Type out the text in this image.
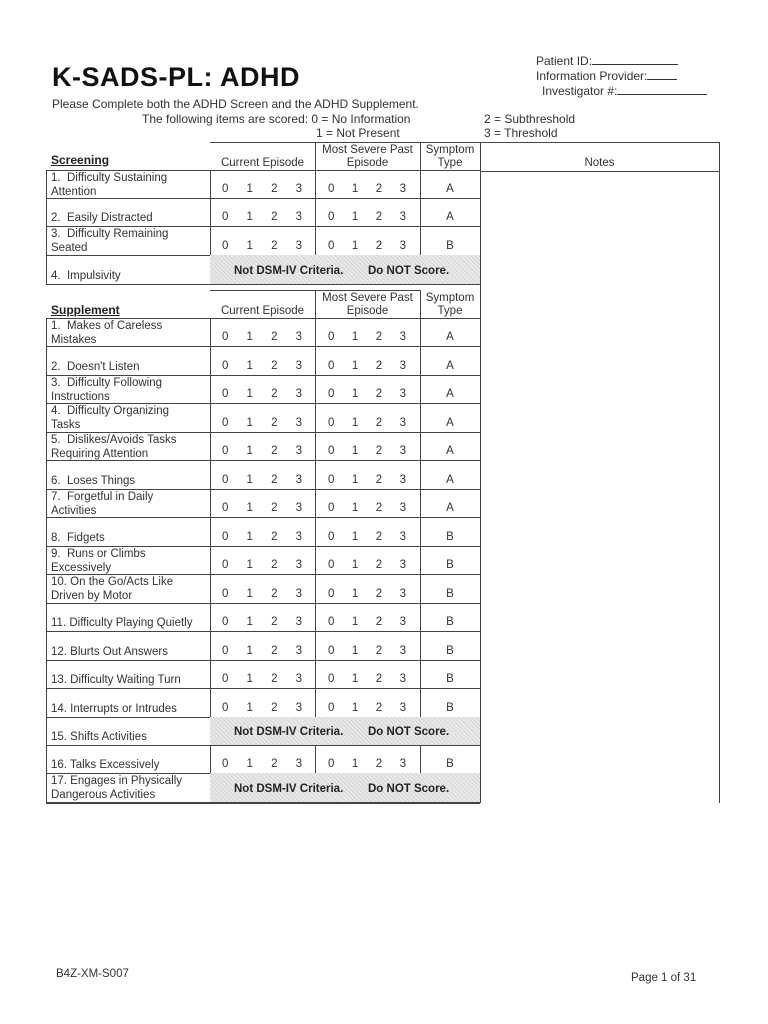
K-SADS-PL: ADHD
Patient ID:
Information Provider:
Investigator #:
Please Complete both the ADHD Screen and the ADHD Supplement.
The following items are scored: 0 = No Information
1 = Not Present
2 = Subthreshold
3 = Threshold
Notes
Current Episode
Most Severe Past
Episode
Symptom
Type
Screening
1.  Difficulty Sustaining
Attention	0 1 2 3 0 1 2 3	A
2.  Easily Distracted	0 1 2 3 0 1 2 3	A
3.  Difficulty Remaining
Seated	0 1 2 3 0 1 2 3	B
4.  Impulsivity	Not DSM-IV Criteria. Do NOT Score.
Current Episode
Most Severe Past
Episode
Symptom
Type
Supplement
1.  Makes of Careless
Mistakes	0 1 2 3 0 1 2 3	A
2.  Doesn't Listen	0 1 2 3 0 1 2 3	A
3.  Difficulty Following
Instructions	0 1 2 3 0 1 2 3	A
4.  Difficulty Organizing
Tasks	0 1 2 3 0 1 2 3	A
5.  Dislikes/Avoids Tasks
Requiring Attention	0 1 2 3 0 1 2 3	A
6.  Loses Things	0 1 2 3 0 1 2 3	A
7.  Forgetful in Daily
Activities	0 1 2 3 0 1 2 3	A
8.  Fidgets	0 1 2 3 0 1 2 3	B
9.  Runs or Climbs
Excessively	0 1 2 3 0 1 2 3	B
10. On the Go/Acts Like
Driven by Motor	0 1 2 3 0 1 2 3	B
11. Difficulty Playing Quietly	0 1 2 3 0 1 2 3	B
12. Blurts Out Answers	0 1 2 3 0 1 2 3	B
13. Difficulty Waiting Turn	0 1 2 3 0 1 2 3	B
14. Interrupts or Intrudes	0 1 2 3 0 1 2 3	B
15. Shifts Activities	Not DSM-IV Criteria. Do NOT Score.
16. Talks Excessively	0 1 2 3 0 1 2 3	B
17. Engages in Physically
Dangerous Activities	Not DSM-IV Criteria. Do NOT Score.
B4Z-XM-S007	Page 1 of 31
